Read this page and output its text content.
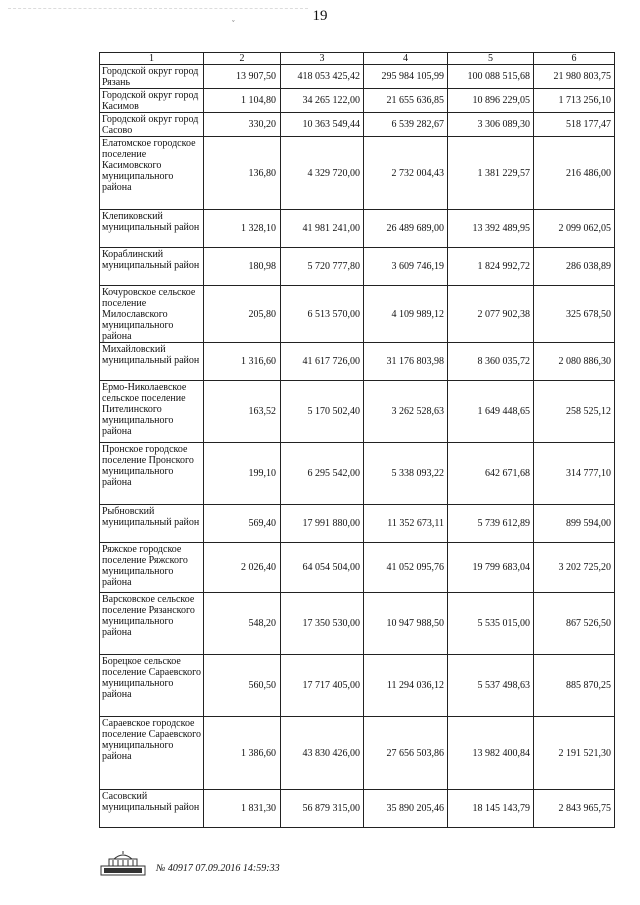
19
ˇ
1	2	3	4	5	6
Городской округ город Рязань	13 907,50	418 053 425,42	295 984 105,99	100 088 515,68	21 980 803,75
Городской округ город Касимов	1 104,80	34 265 122,00	21 655 636,85	10 896 229,05	1 713 256,10
Городской округ город Сасово	330,20	10 363 549,44	6 539 282,67	3 306 089,30	518 177,47
Елатомское городское поселение Касимовского муниципального района	136,80	4 329 720,00	2 732 004,43	1 381 229,57	216 486,00
Клепиковский муниципальный район	1 328,10	41 981 241,00	26 489 689,00	13 392 489,95	2 099 062,05
Кораблинский муниципальный район	180,98	5 720 777,80	3 609 746,19	1 824 992,72	286 038,89
Кочуровское сельское поселение Милославского муниципального района	205,80	6 513 570,00	4 109 989,12	2 077 902,38	325 678,50
Михайловский муниципальный район	1 316,60	41 617 726,00	31 176 803,98	8 360 035,72	2 080 886,30
Ермо-Николаевское сельское поселение Пителинского муниципального района	163,52	5 170 502,40	3 262 528,63	1 649 448,65	258 525,12
Пронское городское поселение Пронского муниципального района	199,10	6 295 542,00	5 338 093,22	642 671,68	314 777,10
Рыбновский муниципальный район	569,40	17 991 880,00	11 352 673,11	5 739 612,89	899 594,00
Ряжское городское поселение Ряжского муниципального района	2 026,40	64 054 504,00	41 052 095,76	19 799 683,04	3 202 725,20
Варсковское сельское поселение Рязанского муниципального района	548,20	17 350 530,00	10 947 988,50	5 535 015,00	867 526,50
Борецкое сельское поселение Сараевского муниципального района	560,50	17 717 405,00	11 294 036,12	5 537 498,63	885 870,25
Сараевское городское поселение Сараевского муниципального района	1 386,60	43 830 426,00	27 656 503,86	13 982 400,84	2 191 521,30
Сасовский муниципальный район	1 831,30	56 879 315,00	35 890 205,46	18 145 143,79	2 843 965,75
№ 40917 07.09.2016 14:59:33
